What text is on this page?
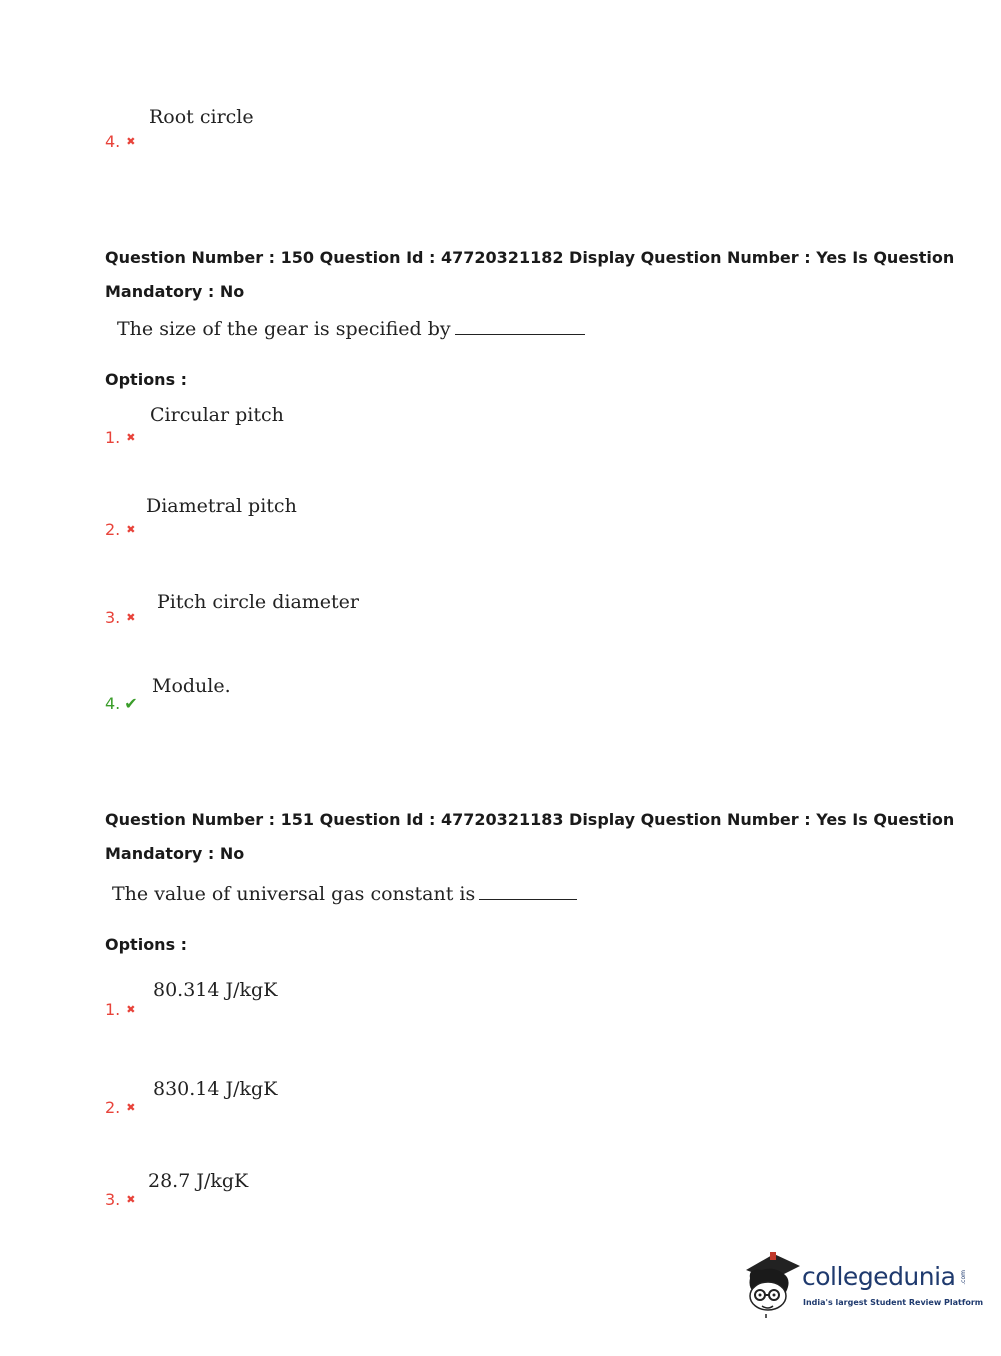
Root circle
4. ✖
Question Number : 150 Question Id : 47720321182 Display Question Number : Yes Is Question
Mandatory : No
The size of the gear is specified by
Options :
Circular pitch
1. ✖
Diametral pitch
2. ✖
Pitch circle diameter
3. ✖
Module.
4. ✔
Question Number : 151 Question Id : 47720321183 Display Question Number : Yes Is Question
Mandatory : No
The value of universal gas constant is
Options :
80.314 J/kgK
1. ✖
830.14 J/kgK
2. ✖
28.7 J/kgK
3. ✖
collegedunia .com
India's largest Student Review Platform
